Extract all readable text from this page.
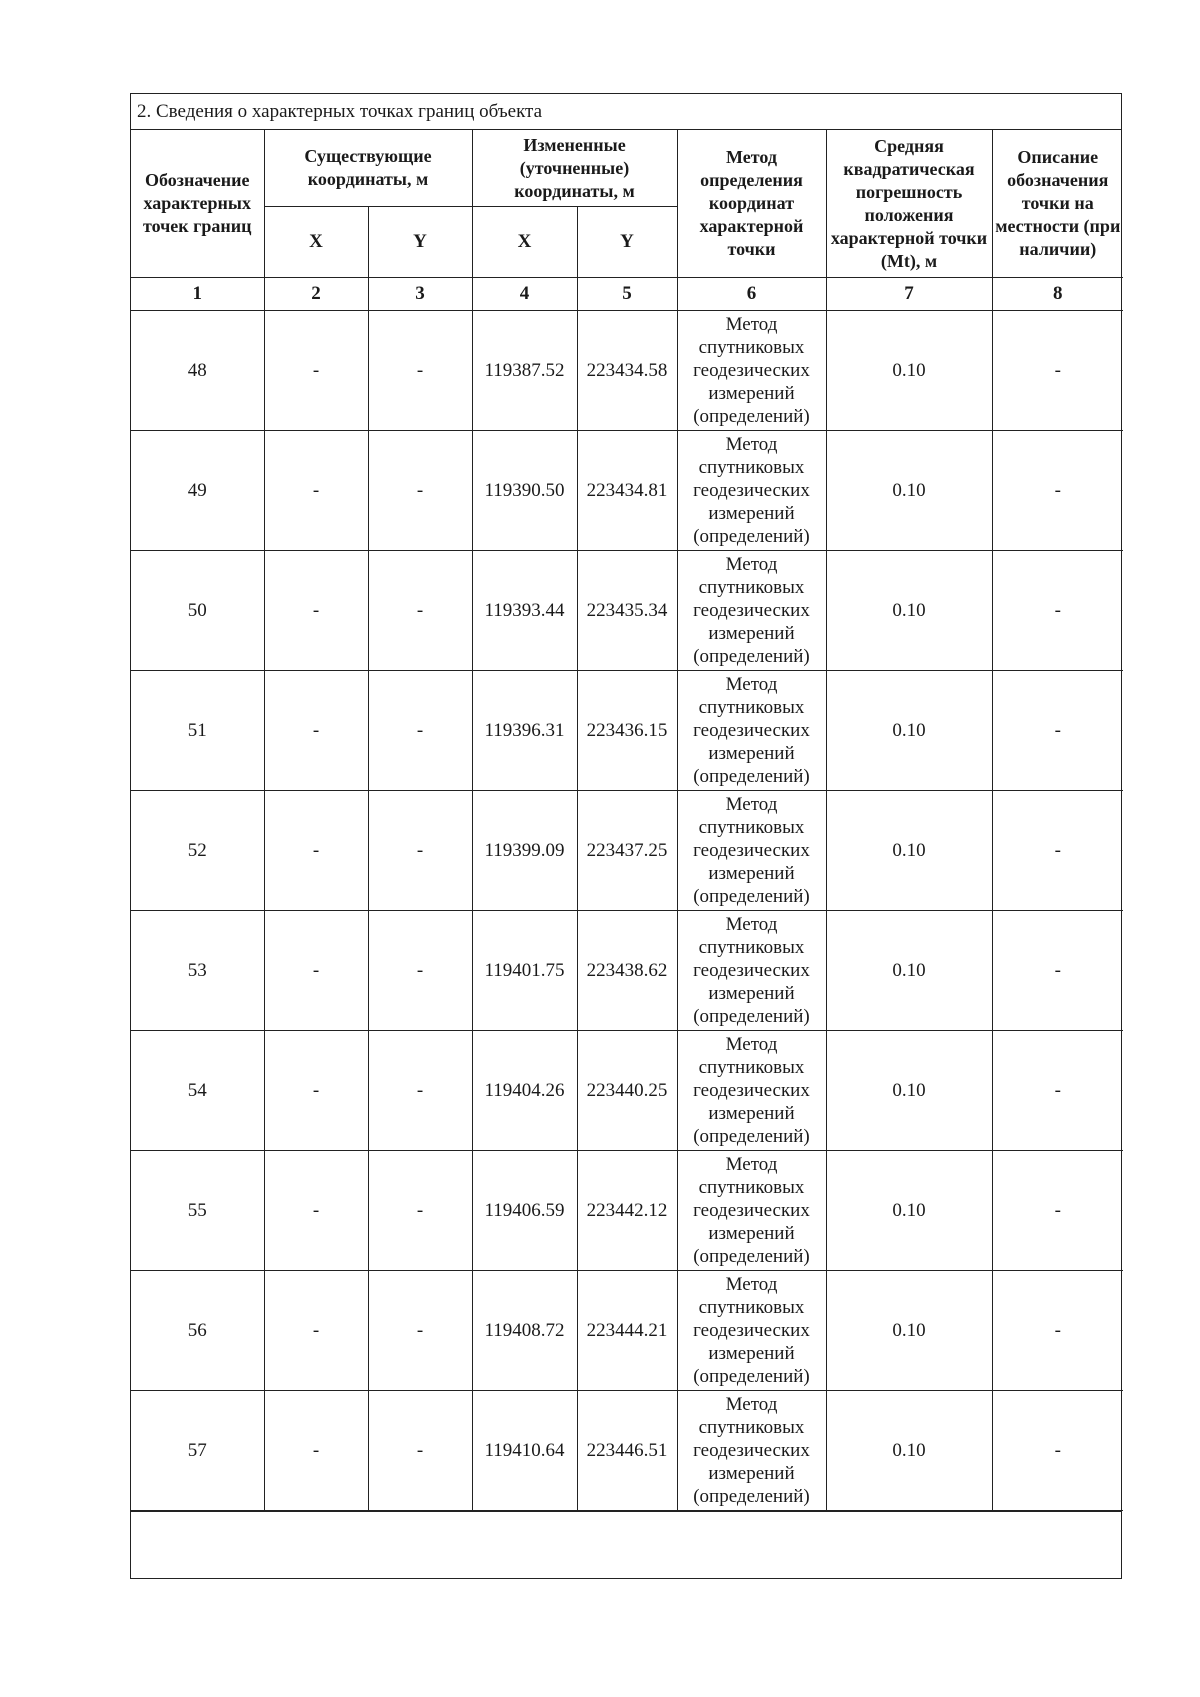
2. Сведения о характерных точках границ объекта
Обозначение характерных точек границ	Существующие координаты, м		Измененные (уточненные) координаты, м		Метод определения координат характерной точки	Средняя квадратическая погрешность положения характерной точки (Mt), м	Описание обозначения точки на местности (при наличии)
	X	Y	X	Y			
1	2	3	4	5	6	7	8
48	-	-	119387.52	223434.58	Метод спутниковых геодезических измерений (определений)	0.10	-
49	-	-	119390.50	223434.81	Метод спутниковых геодезических измерений (определений)	0.10	-
50	-	-	119393.44	223435.34	Метод спутниковых геодезических измерений (определений)	0.10	-
51	-	-	119396.31	223436.15	Метод спутниковых геодезических измерений (определений)	0.10	-
52	-	-	119399.09	223437.25	Метод спутниковых геодезических измерений (определений)	0.10	-
53	-	-	119401.75	223438.62	Метод спутниковых геодезических измерений (определений)	0.10	-
54	-	-	119404.26	223440.25	Метод спутниковых геодезических измерений (определений)	0.10	-
55	-	-	119406.59	223442.12	Метод спутниковых геодезических измерений (определений)	0.10	-
56	-	-	119408.72	223444.21	Метод спутниковых геодезических измерений (определений)	0.10	-
57	-	-	119410.64	223446.51	Метод спутниковых геодезических измерений (определений)	0.10	-
